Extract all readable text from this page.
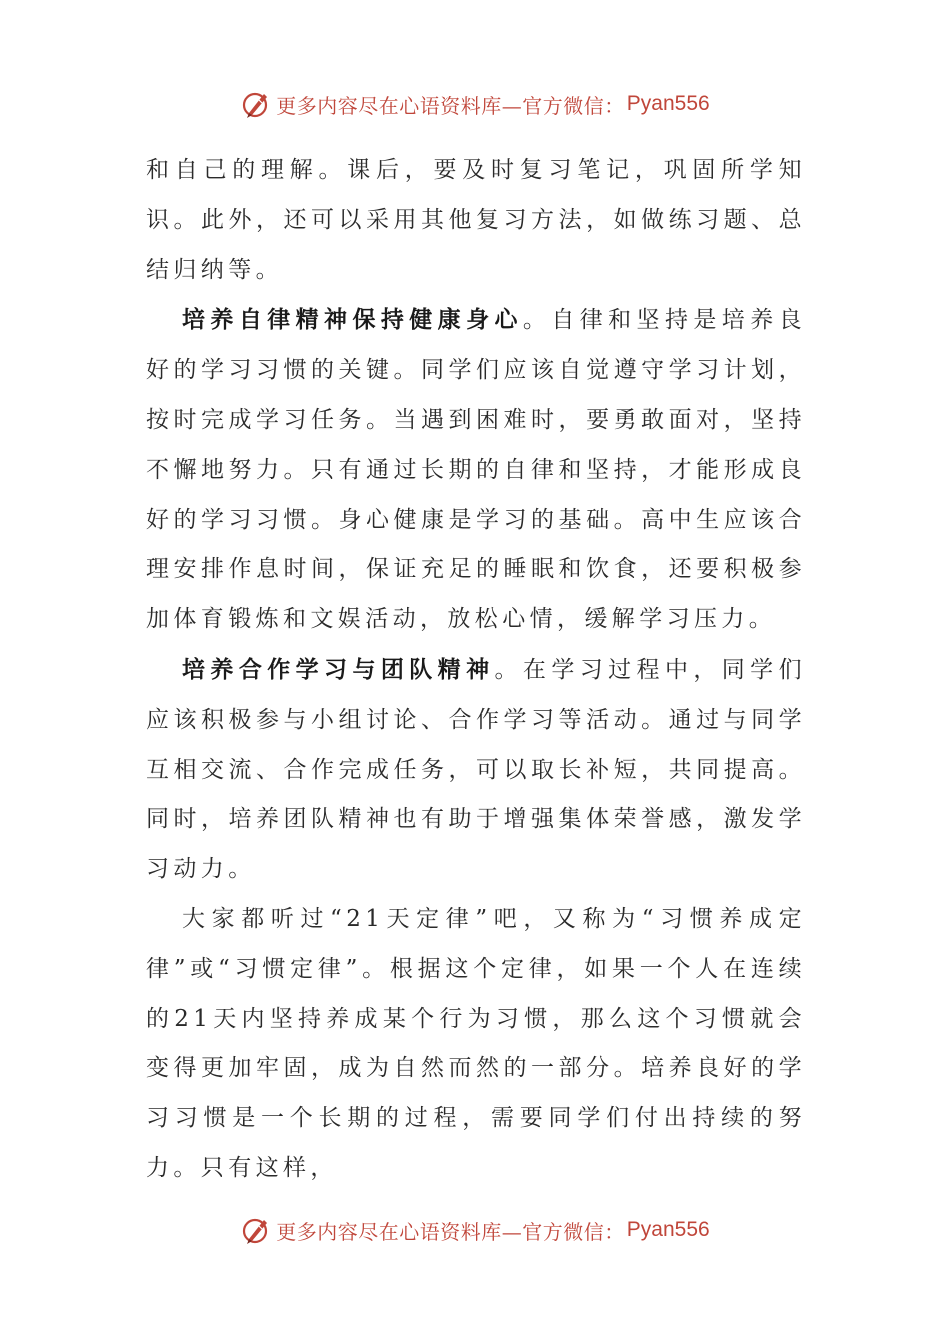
更多内容尽在心语资料库—官方微信： Pyan556

和自己的理解。课后，要及时复习笔记，巩固所学知识。此外，还可以采用其他复习方法，如做练习题、总结归纳等。

培养自律精神保持健康身心。自律和坚持是培养良好的学习习惯的关键。同学们应该自觉遵守学习计划，按时完成学习任务。当遇到困难时，要勇敢面对，坚持不懈地努力。只有通过长期的自律和坚持，才能形成良好的学习习惯。身心健康是学习的基础。高中生应该合理安排作息时间，保证充足的睡眠和饮食，还要积极参加体育锻炼和文娱活动，放松心情，缓解学习压力。

培养合作学习与团队精神。在学习过程中，同学们应该积极参与小组讨论、合作学习等活动。通过与同学互相交流、合作完成任务，可以取长补短，共同提高。同时，培养团队精神也有助于增强集体荣誉感，激发学习动力。

大家都听过“21天定律”吧，又称为“习惯养成定律”或“习惯定律”。根据这个定律，如果一个人在连续的21天内坚持养成某个行为习惯，那么这个习惯就会变得更加牢固，成为自然而然的一部分。培养良好的学习习惯是一个长期的过程，需要同学们付出持续的努力。只有这样，

更多内容尽在心语资料库—官方微信： Pyan556
